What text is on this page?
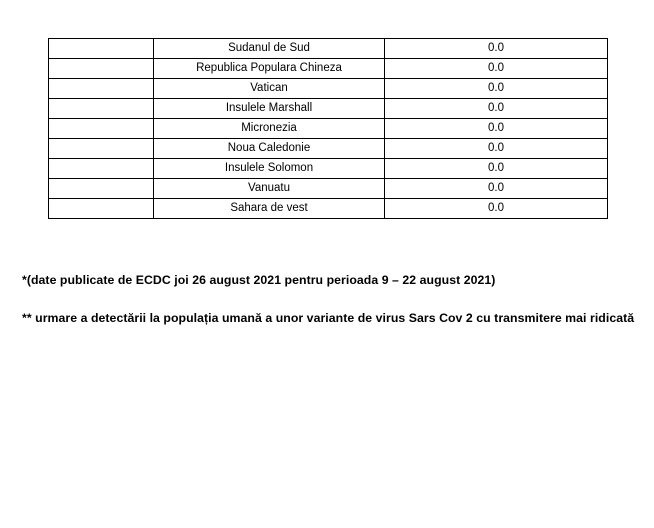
	Sudanul de Sud	0.0
	Republica Populara Chineza	0.0
	Vatican	0.0
	Insulele Marshall	0.0
	Micronezia	0.0
	Noua Caledonie	0.0
	Insulele Solomon	0.0
	Vanuatu	0.0
	Sahara de vest	0.0
*(date publicate de ECDC joi 26 august 2021 pentru perioada 9 – 22 august 2021)
** urmare a detectării la populația umană a unor variante de virus Sars Cov 2 cu transmitere mai ridicată
